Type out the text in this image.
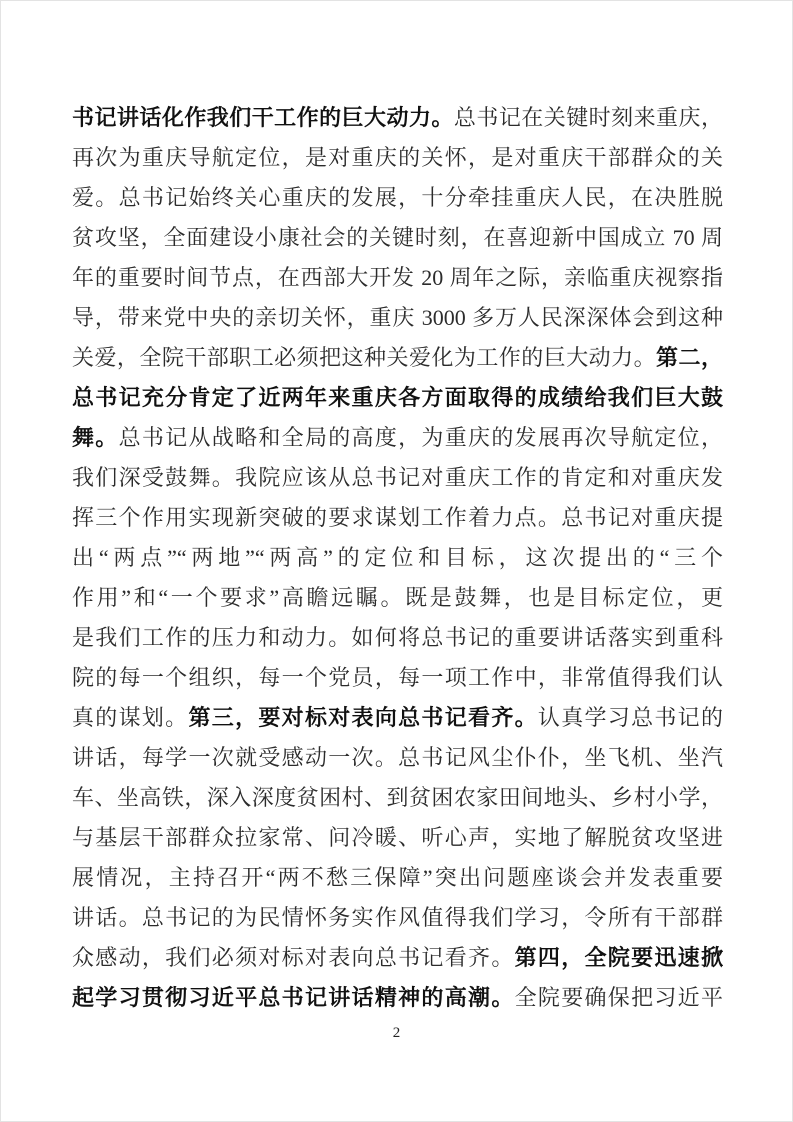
书记讲话化作我们干工作的巨大动力。总书记在关键时刻来重庆，
再次为重庆导航定位，是对重庆的关怀，是对重庆干部群众的关
爱。总书记始终关心重庆的发展，十分牵挂重庆人民，在决胜脱
贫攻坚，全面建设小康社会的关键时刻，在喜迎新中国成立 70 周
年的重要时间节点，在西部大开发 20 周年之际，亲临重庆视察指
导，带来党中央的亲切关怀，重庆 3000 多万人民深深体会到这种
关爱，全院干部职工必须把这种关爱化为工作的巨大动力。第二，
总书记充分肯定了近两年来重庆各方面取得的成绩给我们巨大鼓
舞。总书记从战略和全局的高度，为重庆的发展再次导航定位，
我们深受鼓舞。我院应该从总书记对重庆工作的肯定和对重庆发
挥三个作用实现新突破的要求谋划工作着力点。总书记对重庆提
出“两点”“两地”“两高”的定位和目标，这次提出的“三个
作用”和“一个要求”高瞻远瞩。既是鼓舞，也是目标定位，更
是我们工作的压力和动力。如何将总书记的重要讲话落实到重科
院的每一个组织，每一个党员，每一项工作中，非常值得我们认
真的谋划。第三，要对标对表向总书记看齐。认真学习总书记的
讲话，每学一次就受感动一次。总书记风尘仆仆，坐飞机、坐汽
车、坐高铁，深入深度贫困村、到贫困农家田间地头、乡村小学，
与基层干部群众拉家常、问冷暖、听心声，实地了解脱贫攻坚进
展情况，主持召开“两不愁三保障”突出问题座谈会并发表重要
讲话。总书记的为民情怀务实作风值得我们学习，令所有干部群
众感动，我们必须对标对表向总书记看齐。第四，全院要迅速掀
起学习贯彻习近平总书记讲话精神的高潮。全院要确保把习近平
2
